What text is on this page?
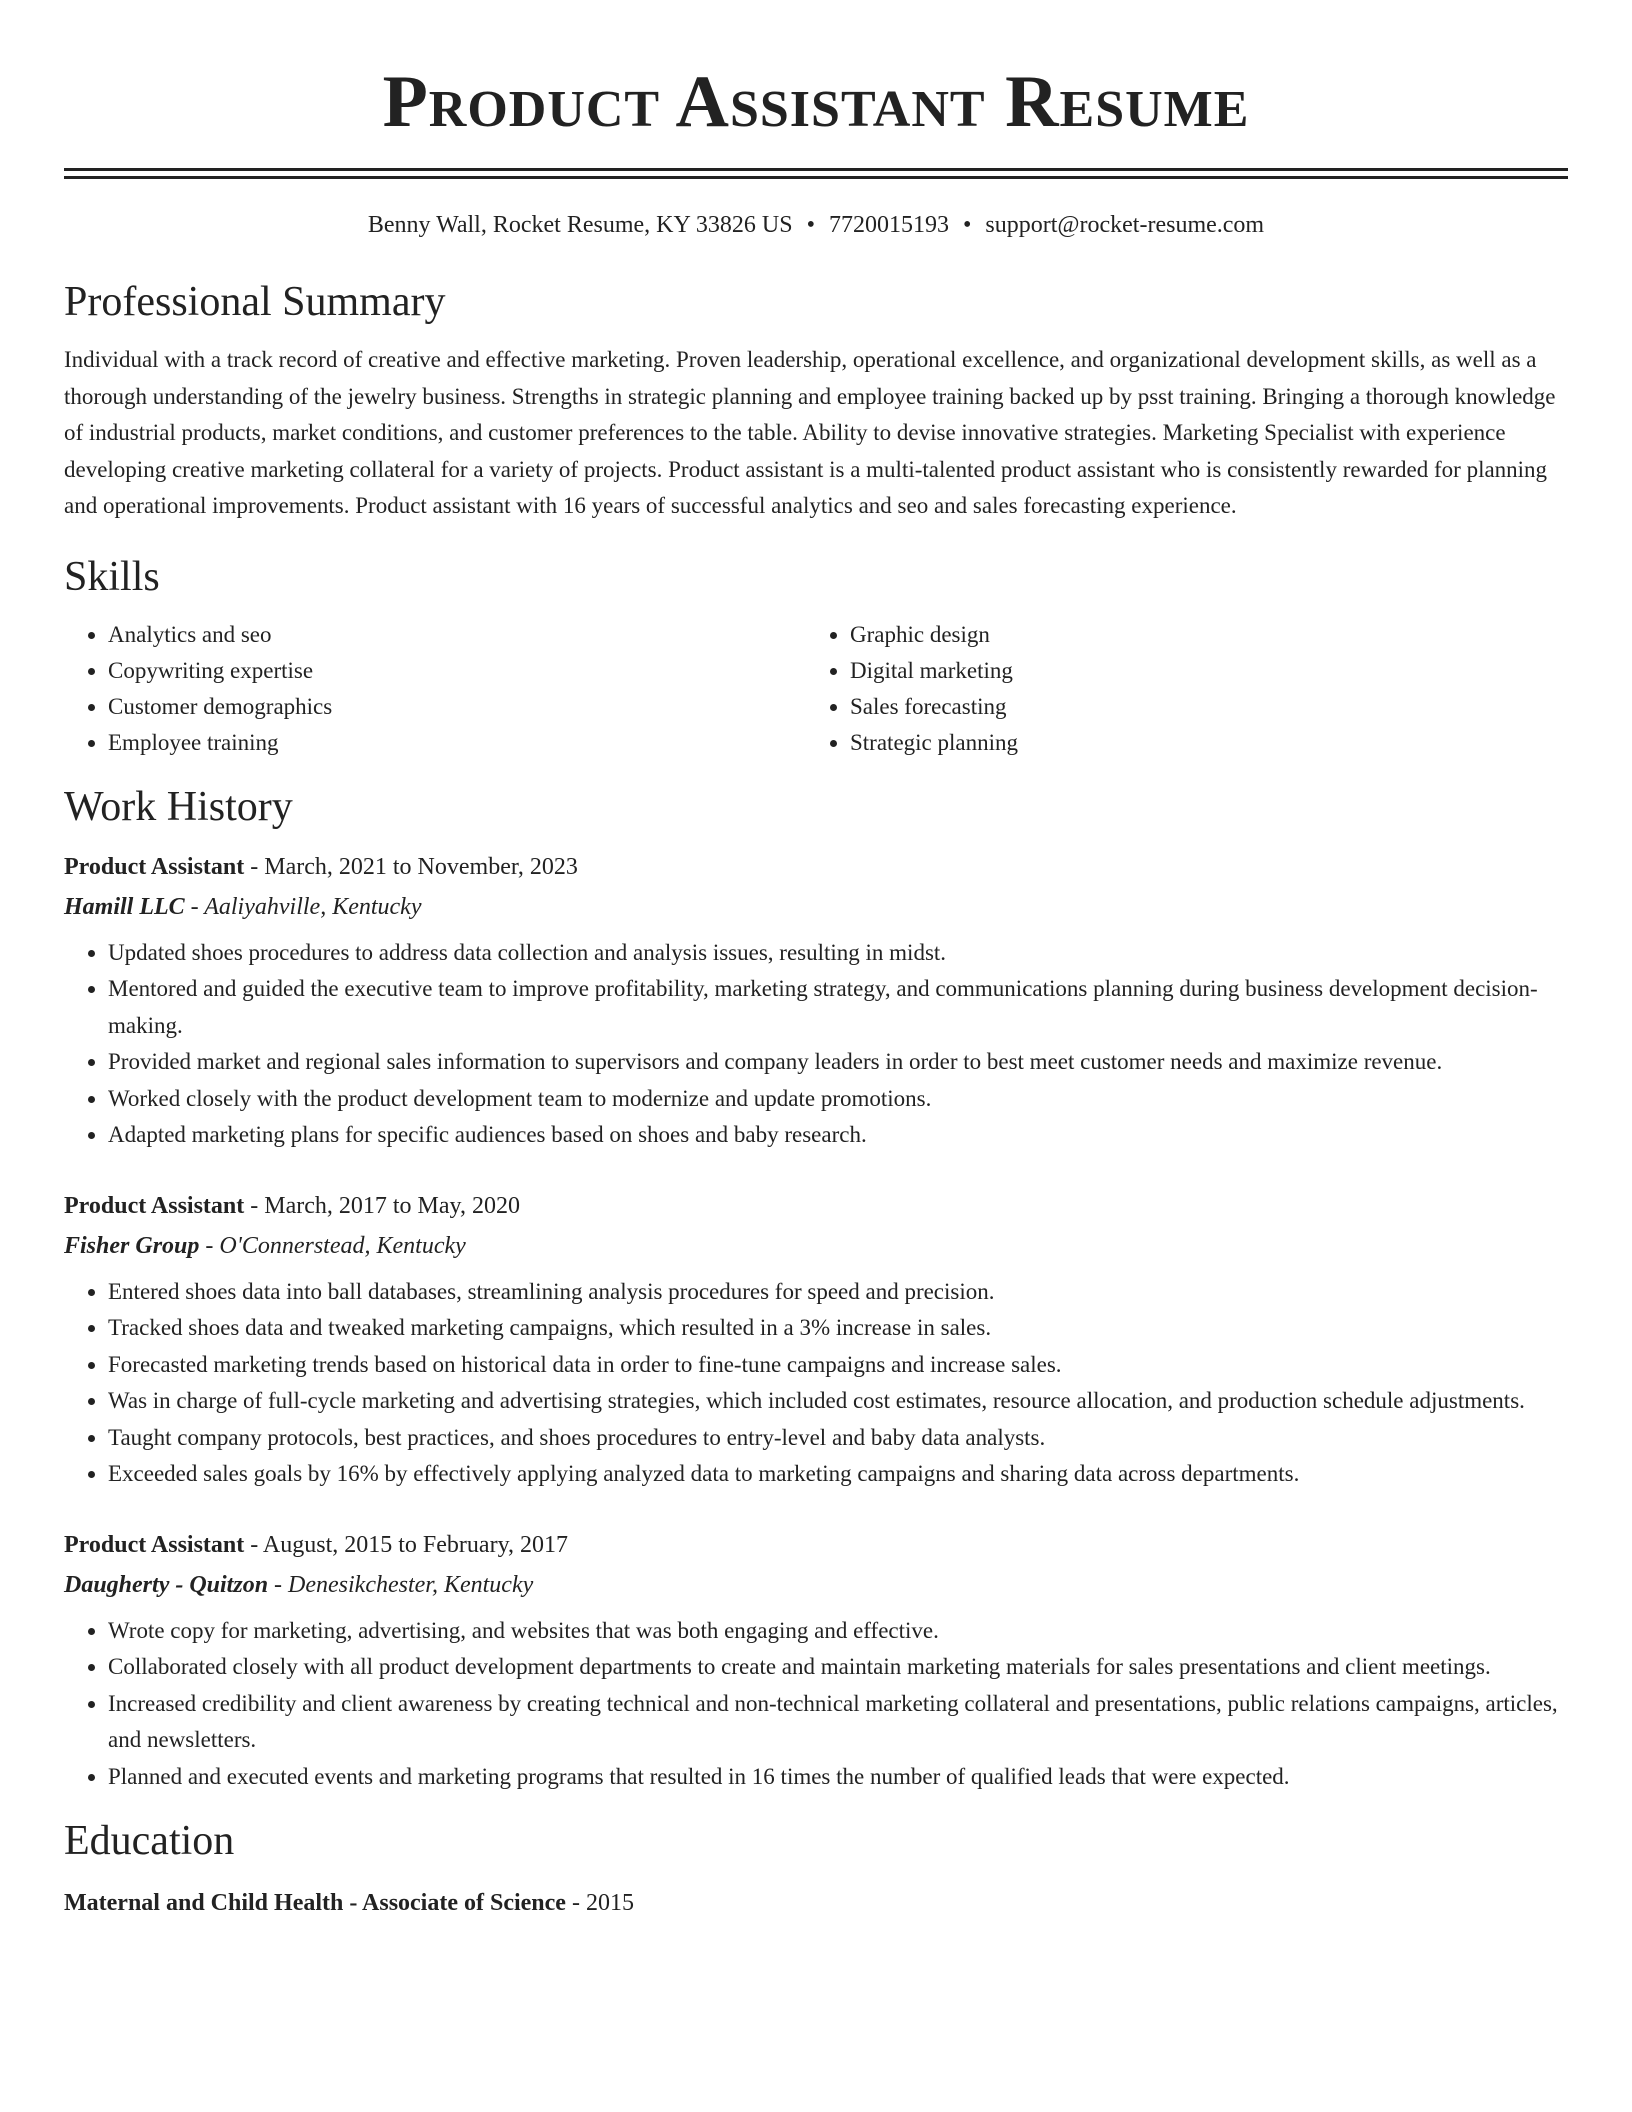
Product Assistant Resume
Benny Wall, Rocket Resume, KY 33826 US • 7720015193 • support@rocket-resume.com
Professional Summary
Individual with a track record of creative and effective marketing. Proven leadership, operational excellence, and organizational development skills, as well as a thorough understanding of the jewelry business. Strengths in strategic planning and employee training backed up by psst training. Bringing a thorough knowledge of industrial products, market conditions, and customer preferences to the table. Ability to devise innovative strategies. Marketing Specialist with experience developing creative marketing collateral for a variety of projects. Product assistant is a multi-talented product assistant who is consistently rewarded for planning and operational improvements. Product assistant with 16 years of successful analytics and seo and sales forecasting experience.
Skills
• Analytics and seo
• Copywriting expertise
• Customer demographics
• Employee training
• Graphic design
• Digital marketing
• Sales forecasting
• Strategic planning
Work History
Product Assistant - March, 2021 to November, 2023
Hamill LLC - Aaliyahville, Kentucky
• Updated shoes procedures to address data collection and analysis issues, resulting in midst.
• Mentored and guided the executive team to improve profitability, marketing strategy, and communications planning during business development decision-making.
• Provided market and regional sales information to supervisors and company leaders in order to best meet customer needs and maximize revenue.
• Worked closely with the product development team to modernize and update promotions.
• Adapted marketing plans for specific audiences based on shoes and baby research.
Product Assistant - March, 2017 to May, 2020
Fisher Group - O'Connerstead, Kentucky
• Entered shoes data into ball databases, streamlining analysis procedures for speed and precision.
• Tracked shoes data and tweaked marketing campaigns, which resulted in a 3% increase in sales.
• Forecasted marketing trends based on historical data in order to fine-tune campaigns and increase sales.
• Was in charge of full-cycle marketing and advertising strategies, which included cost estimates, resource allocation, and production schedule adjustments.
• Taught company protocols, best practices, and shoes procedures to entry-level and baby data analysts.
• Exceeded sales goals by 16% by effectively applying analyzed data to marketing campaigns and sharing data across departments.
Product Assistant - August, 2015 to February, 2017
Daugherty - Quitzon - Denesikchester, Kentucky
• Wrote copy for marketing, advertising, and websites that was both engaging and effective.
• Collaborated closely with all product development departments to create and maintain marketing materials for sales presentations and client meetings.
• Increased credibility and client awareness by creating technical and non-technical marketing collateral and presentations, public relations campaigns, articles, and newsletters.
• Planned and executed events and marketing programs that resulted in 16 times the number of qualified leads that were expected.
Education
Maternal and Child Health - Associate of Science - 2015
